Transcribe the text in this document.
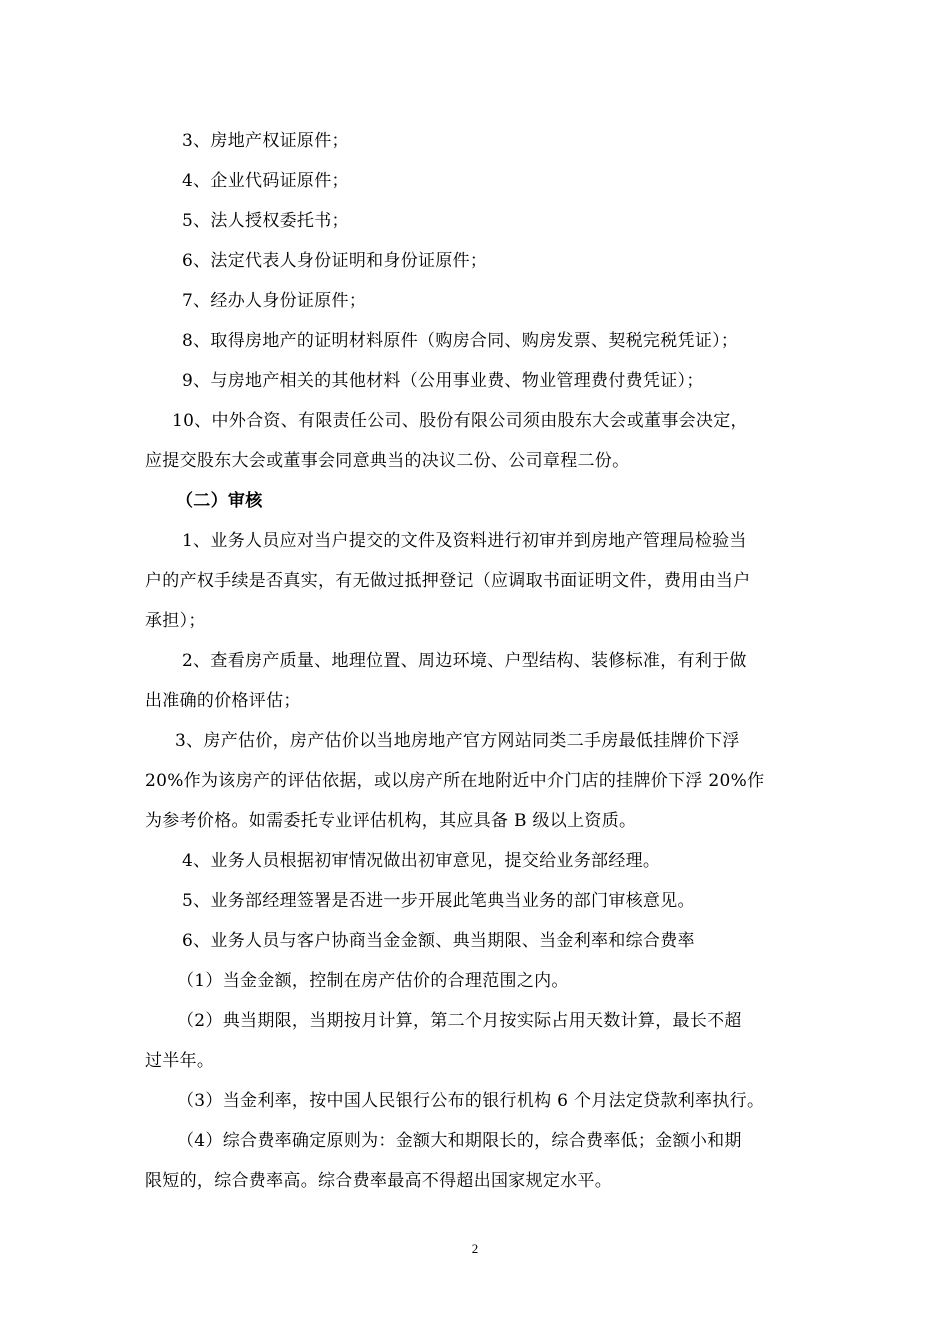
3、房地产权证原件；
4、企业代码证原件；
5、法人授权委托书；
6、法定代表人身份证明和身份证原件；
7、经办人身份证原件；
8、取得房地产的证明材料原件（购房合同、购房发票、契税完税凭证）；
9、与房地产相关的其他材料（公用事业费、物业管理费付费凭证）；
10、中外合资、有限责任公司、股份有限公司须由股东大会或董事会决定，
应提交股东大会或董事会同意典当的决议二份、公司章程二份。
（二）审核
1、业务人员应对当户提交的文件及资料进行初审并到房地产管理局检验当
户的产权手续是否真实，有无做过抵押登记（应调取书面证明文件，费用由当户
承担）；
2、查看房产质量、地理位置、周边环境、户型结构、装修标准，有利于做
出准确的价格评估；
3、房产估价，房产估价以当地房地产官方网站同类二手房最低挂牌价下浮
20%作为该房产的评估依据，或以房产所在地附近中介门店的挂牌价下浮 20%作
为参考价格。如需委托专业评估机构，其应具备 B 级以上资质。
4、业务人员根据初审情况做出初审意见，提交给业务部经理。
5、业务部经理签署是否进一步开展此笔典当业务的部门审核意见。
6、业务人员与客户协商当金金额、典当期限、当金利率和综合费率
（1）当金金额，控制在房产估价的合理范围之内。
（2）典当期限，当期按月计算，第二个月按实际占用天数计算，最长不超
过半年。
（3）当金利率，按中国人民银行公布的银行机构 6 个月法定贷款利率执行。
（4）综合费率确定原则为：金额大和期限长的，综合费率低；金额小和期
限短的，综合费率高。综合费率最高不得超出国家规定水平。
2
